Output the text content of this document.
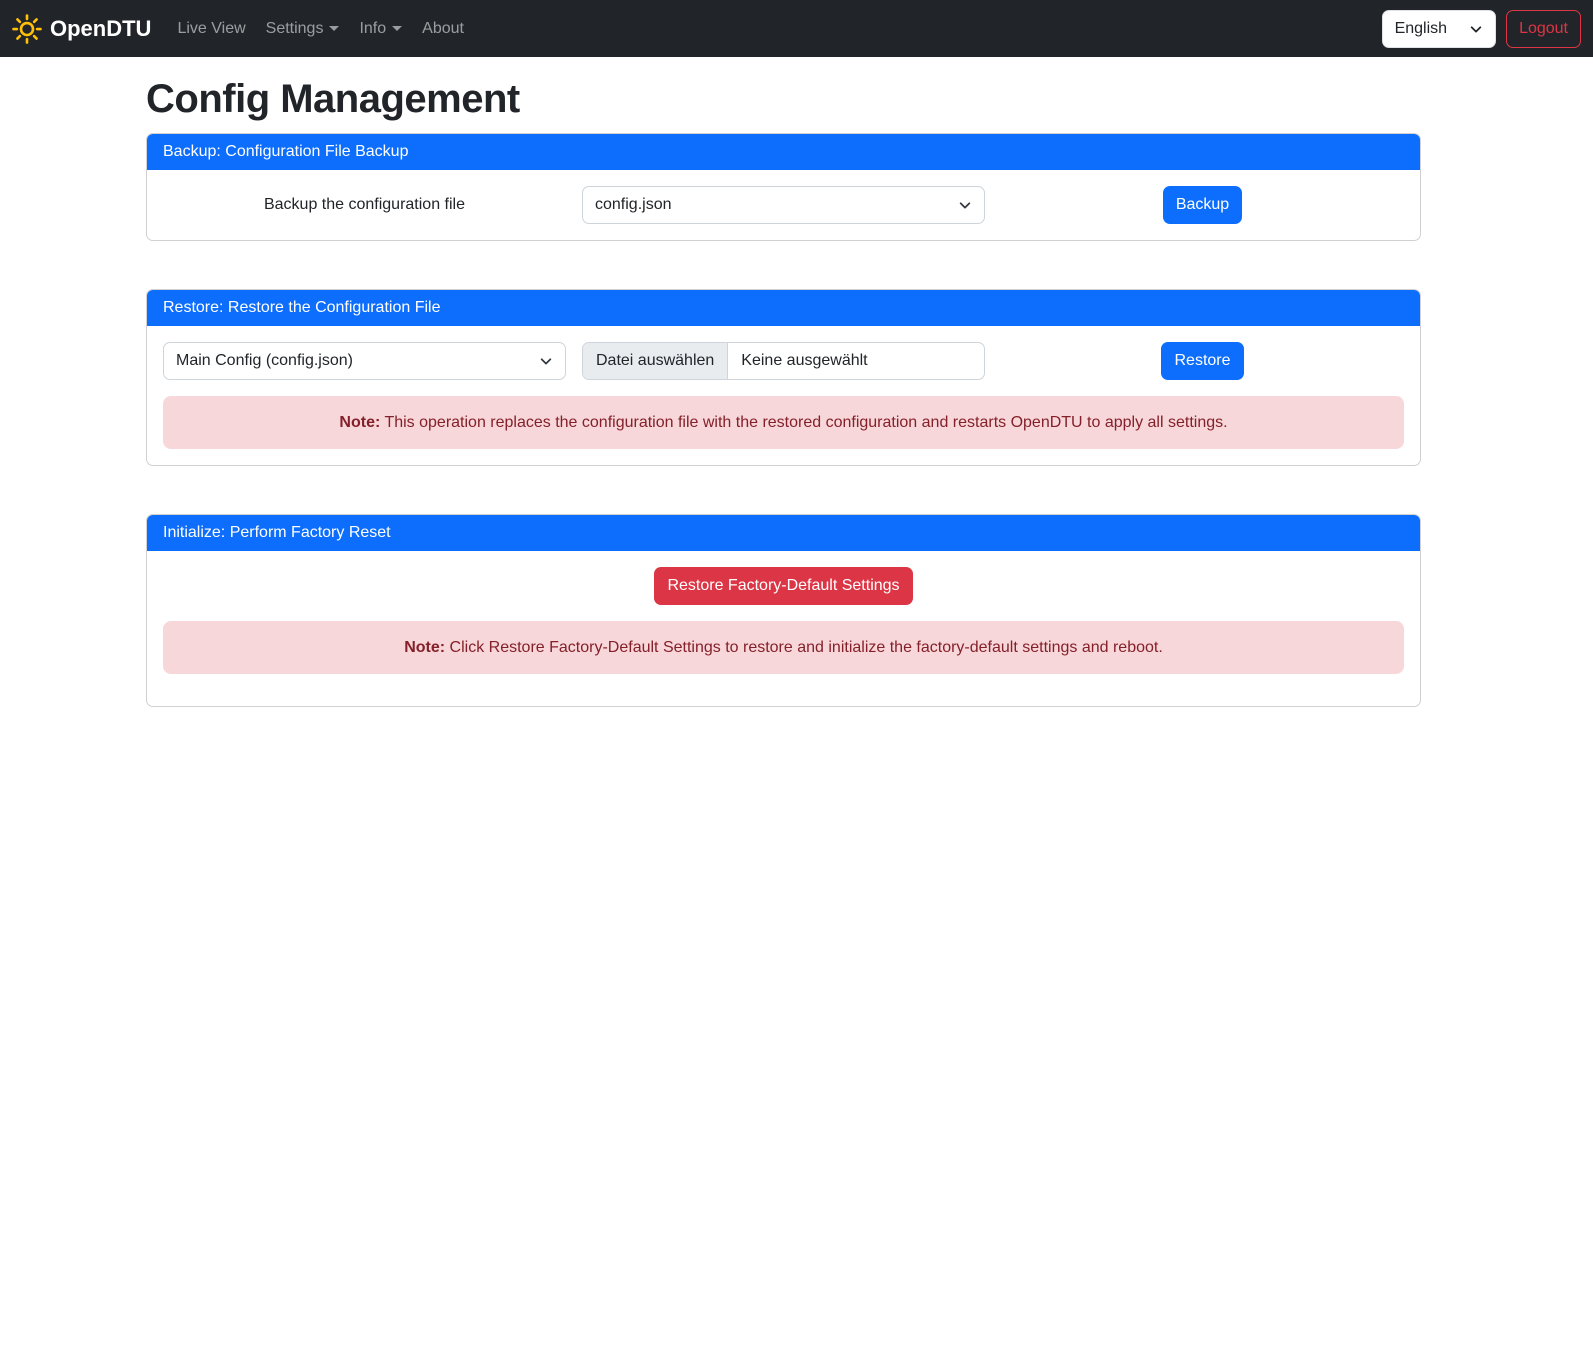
OpenDTU Live View Settings Info About	English	Logout
Config Management
Backup: Configuration File Backup
Backup the configuration file	config.json	Backup
Restore: Restore the Configuration File
Main Config (config.json)	Datei auswählen	Keine ausgewählt	Restore
Note: This operation replaces the configuration file with the restored configuration and restarts OpenDTU to apply all settings.
Initialize: Perform Factory Reset
Restore Factory-Default Settings
Note: Click Restore Factory-Default Settings to restore and initialize the factory-default settings and reboot.
